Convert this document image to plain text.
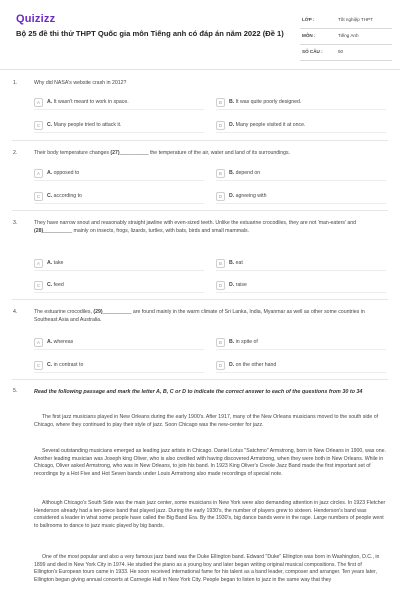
Quizizz
Bộ 25 đề thi thử THPT Quốc gia môn Tiếng anh có đáp án năm 2022 (Đề 1)
LỚP :	Tốt nghiệp THPT
MÔN :	Tiếng Anh
SỐ CÂU :	50
1.	Why did NASA's website crash in 2012?
A	A. It wasn't meant to work in space.	B	B. It was quite poorly designed.
C	C. Many people tried to attack it.	D	D. Many people visited it at once.
2.	Their body temperature changes (27)__________ the temperature of the air, water and land of its surroundings.
A	A. opposed to	B	B. depend on
C	C. according to	D	D. agreeing with
3.	They have narrow snout and reasonably straight jawline with even-sized teeth. Unlike the estuarine crocodiles, they are not 'man-eaters' and (28)__________ mainly on insects, frogs, lizards, turtles, with bats, birds and small mammals.
A	A. take	B	B. eat
C	C. feed	D	D. raise
4.	The estuarine crocodiles, (29)__________ are found mainly in the warm climate of Sri Lanka, India, Myanmar as well as other some countries in Southeast Asia and Australia.
A	A. whereas	B	B. in spite of
C	C. in contrast to	D	D. on the other hand
5.	Read the following passage and mark the letter A, B, C or D to indicate the correct answer to each of the questions from 30 to 34
The first jazz musicians played in New Orleans during the early 1900's. After 1917, many of the New Orleans musicians moved to the south side of Chicago, where they continued to play their style of jazz. Soon Chicago was the new-center for jazz.
Several outstanding musicians emerged as leading jazz artists in Chicago. Daniel Lotus "Satchmo" Armstrong, born in New Orleans in 1900, was one. Another leading musician was Joseph king Oliver, who is also credited with having discovered Armstrong, when they were both in New Orleans. While in Chicago, Oliver asked Armstrong, who was in New Orleans, to join his band. In 1923 King Oliver's Creole Jazz Band made the first important set of recordings by a Hot Five and Hot Seven bands under Louis Armstrong also made recordings of special note.
Although Chicago's South Side was the main jazz center, some musicians in New York were also demanding attention in jazz circles. In 1923 Fletcher Henderson already had a ten-piece band that played jazz. During the early 1930's, the number of players grew to sixteen. Henderson's band was considered a leader in what some people have called the Big Band Era. By the 1930's, big dance bands were in the rage. Large numbers of people went to ballrooms to dance to jazz music played by big bands.
One of the most popular and also a very famous jazz band was the Duke Ellington band. Edward "Duke" Ellington was born in Washington, D.C., in 1899 and died in New York City in 1974. He studied the piano as a young boy and later began writing original musical compositions. The first of Ellington's European tours came in 1933. He soon received international fame for his talent as a band leader, composer and arranger. Ten years later, Ellington began giving annual concerts at Carnegie Hall in New York City. People began to listen to jazz in the same way that they
